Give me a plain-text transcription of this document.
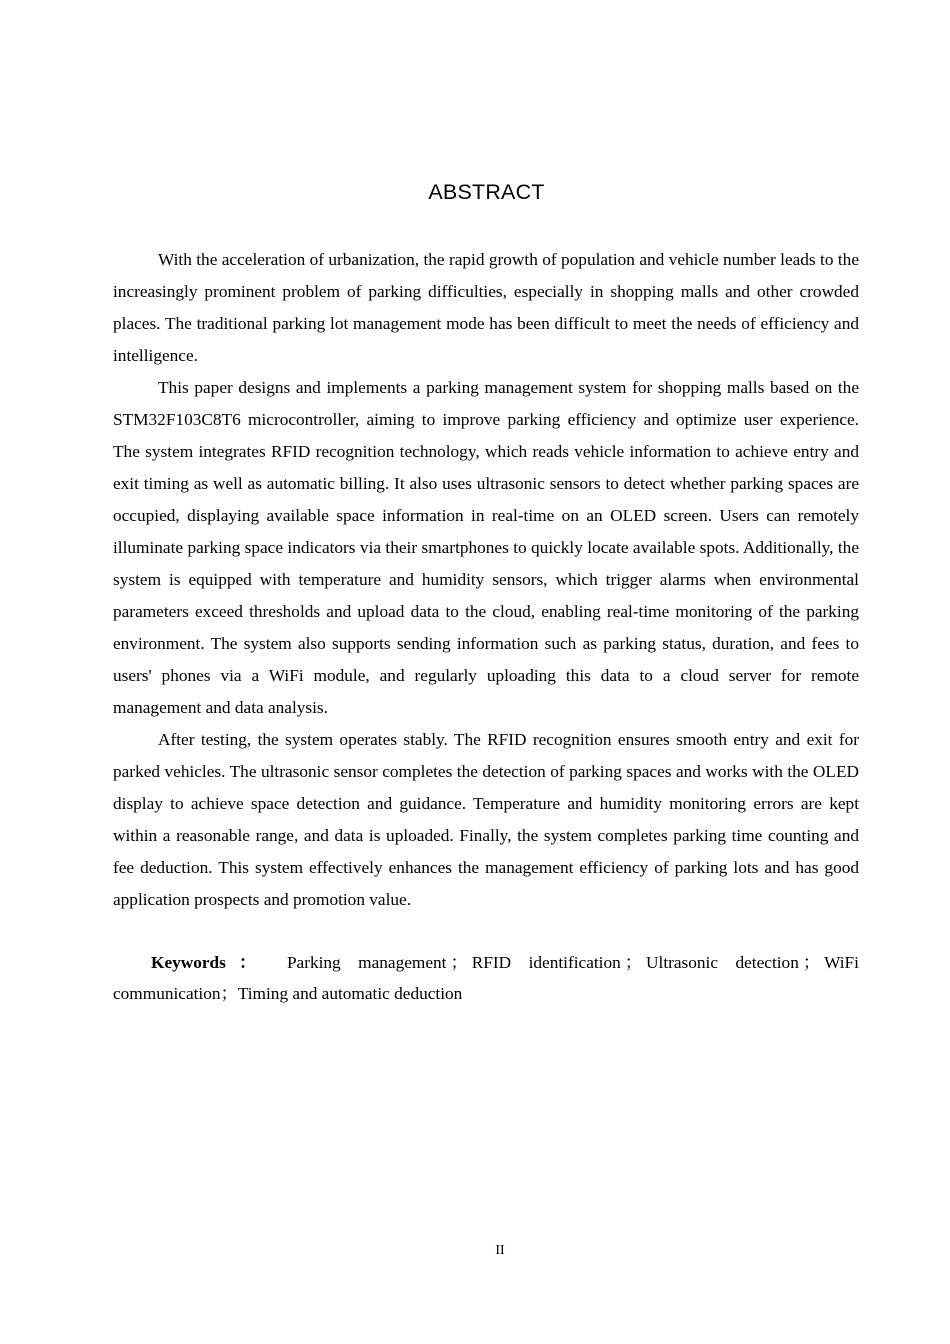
ABSTRACT

With the acceleration of urbanization, the rapid growth of population and vehicle number leads to the increasingly prominent problem of parking difficulties, especially in shopping malls and other crowded places. The traditional parking lot management mode has been difficult to meet the needs of efficiency and intelligence.

This paper designs and implements a parking management system for shopping malls based on the STM32F103C8T6 microcontroller, aiming to improve parking efficiency and optimize user experience. The system integrates RFID recognition technology, which reads vehicle information to achieve entry and exit timing as well as automatic billing. It also uses ultrasonic sensors to detect whether parking spaces are occupied, displaying available space information in real-time on an OLED screen. Users can remotely illuminate parking space indicators via their smartphones to quickly locate available spots. Additionally, the system is equipped with temperature and humidity sensors, which trigger alarms when environmental parameters exceed thresholds and upload data to the cloud, enabling real-time monitoring of the parking environment. The system also supports sending information such as parking status, duration, and fees to users' phones via a WiFi module, and regularly uploading this data to a cloud server for remote management and data analysis.

After testing, the system operates stably. The RFID recognition ensures smooth entry and exit for parked vehicles. The ultrasonic sensor completes the detection of parking spaces and works with the OLED display to achieve space detection and guidance. Temperature and humidity monitoring errors are kept within a reasonable range, and data is uploaded. Finally, the system completes parking time counting and fee deduction. This system effectively enhances the management efficiency of parking lots and has good application prospects and promotion value.

Keywords： Parking management ； RFID identification ； Ultrasonic detection ； WiFi communication；Timing and automatic deduction

II
